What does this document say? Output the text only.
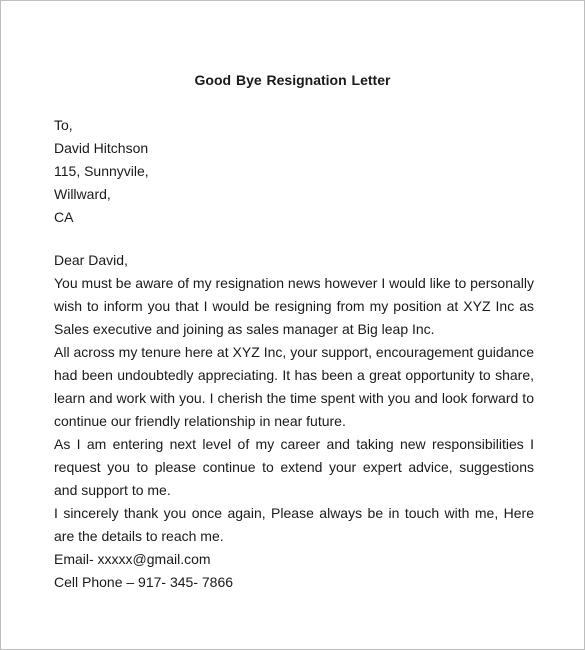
Good Bye Resignation Letter
To,
David Hitchson
115, Sunnyvile,
Willward,
CA

Dear David,

You must be aware of my resignation news however I would like to personally wish to inform you that I would be resigning from my position at XYZ Inc as Sales executive and joining as sales manager at Big leap Inc.

All across my tenure here at XYZ Inc, your support, encouragement guidance had been undoubtedly appreciating. It has been a great opportunity to share, learn and work with you. I cherish the time spent with you and look forward to continue our friendly relationship in near future.

As I am entering next level of my career and taking new responsibilities I request you to please continue to extend your expert advice, suggestions and support to me.

I sincerely thank you once again, Please always be in touch with me, Here are the details to reach me.

Email- xxxxx@gmail.com

Cell Phone – 917- 345- 7866
